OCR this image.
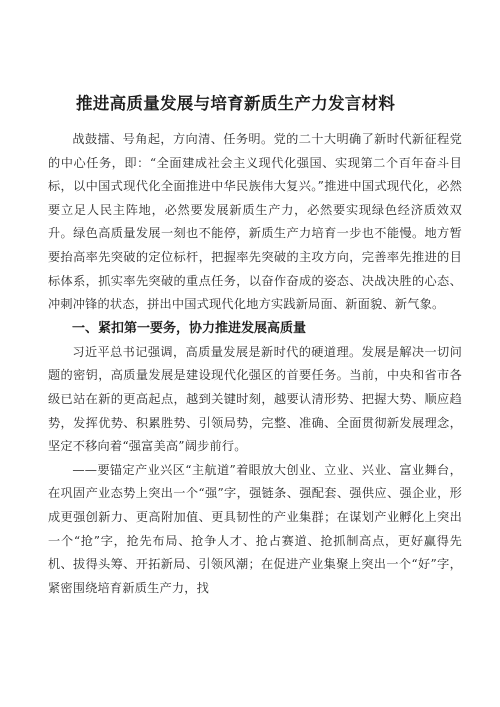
推进高质量发展与培育新质生产力发言材料

战鼓擂、号角起，方向清、任务明。党的二十大明确了新时代新征程党的中心任务，即：“全面建成社会主义现代化强国、实现第二个百年奋斗目标，以中国式现代化全面推进中华民族伟大复兴。”推进中国式现代化，必然要立足人民主阵地，必然要发展新质生产力，必然要实现绿色经济质效双升。绿色高质量发展一刻也不能停，新质生产力培育一步也不能慢。地方暂要抬高率先突破的定位标杆，把握率先突破的主攻方向，完善率先推进的目标体系，抓实率先突破的重点任务，以奋作奋成的姿态、决战决胜的心态、冲刺冲锋的状态，拼出中国式现代化地方实践新局面、新面貌、新气象。

一、紧扣第一要务，协力推进发展高质量

习近平总书记强调，高质量发展是新时代的硬道理。发展是解决一切问题的密钥，高质量发展是建设现代化强区的首要任务。当前，中央和省市各级已站在新的更高起点，越到关键时刻，越要认清形势、把握大势、顺应趋势，发挥优势、积累胜势、引领局势，完整、准确、全面贯彻新发展理念，坚定不移向着“强富美高”阔步前行。

——要锚定产业兴区“主航道”着眼放大创业、立业、兴业、富业舞台，在巩固产业态势上突出一个“强”字，强链条、强配套、强供应、强企业，形成更强创新力、更高附加值、更具韧性的产业集群；在谋划产业孵化上突出一个“抢”字，抢先布局、抢争人才、抢占赛道、抢抓制高点，更好赢得先机、拔得头筹、开拓新局、引领风潮；在促进产业集聚上突出一个“好”字，紧密围绕培育新质生产力，找
